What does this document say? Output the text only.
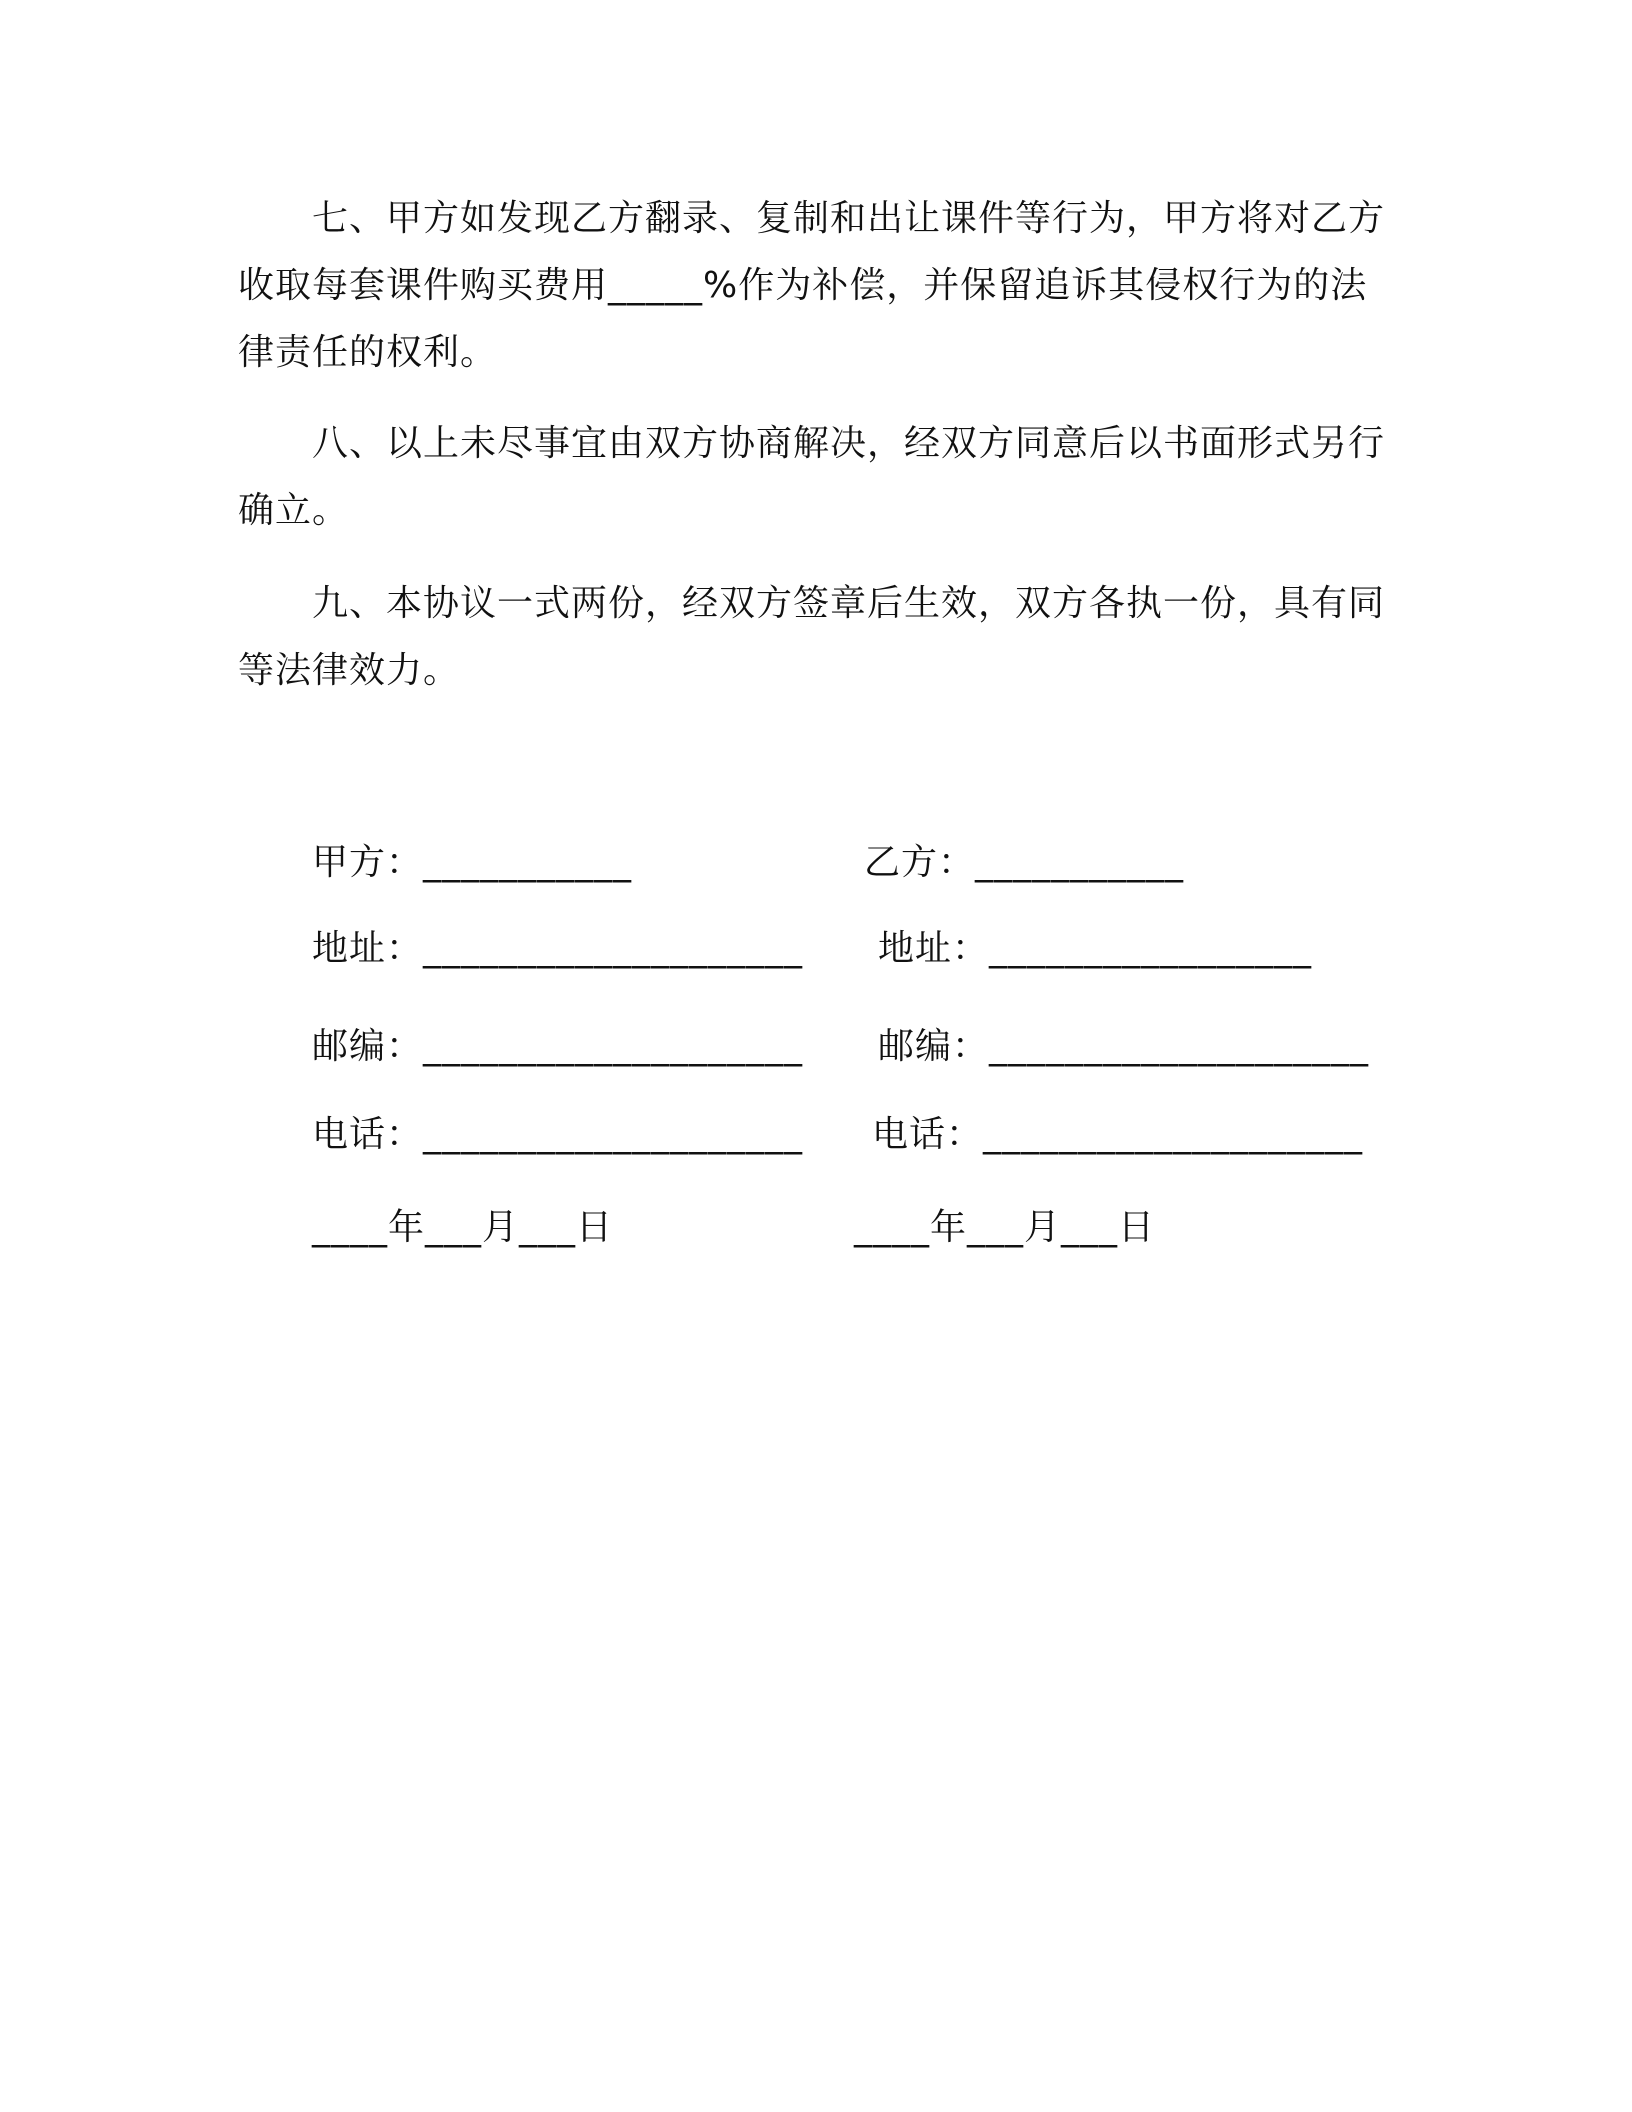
七、甲方如发现乙方翻录、复制和出让课件等行为，甲方将对乙方收取每套课件购买费用_____%作为补偿，并保留追诉其侵权行为的法律责任的权利。

八、以上未尽事宜由双方协商解决，经双方同意后以书面形式另行确立。

九、本协议一式两份，经双方签章后生效，双方各执一份，具有同等法律效力。

甲方：___________
地址：____________________
邮编：____________________
电话：____________________
____年___月___日
乙方：___________
地址：_________________
邮编：____________________
电话：____________________
____年___月___日
